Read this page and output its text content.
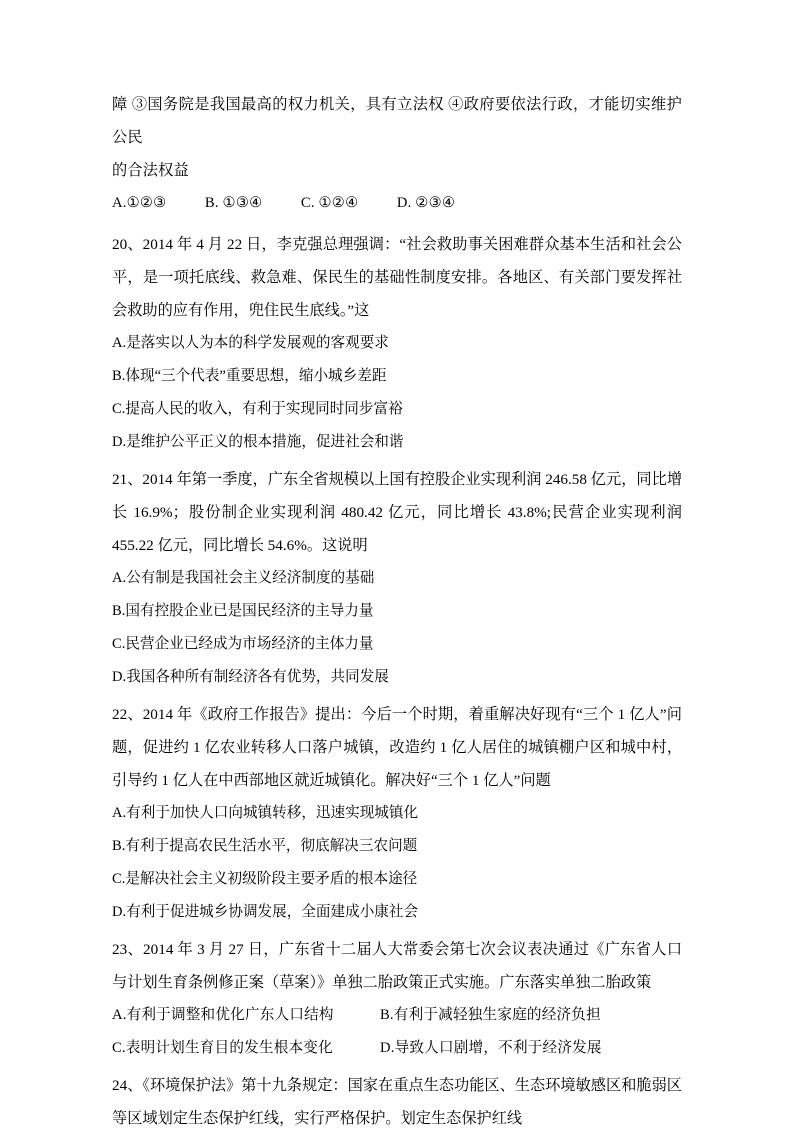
障 ③国务院是我国最高的权力机关，具有立法权 ④政府要依法行政，才能切实维护公民

的合法权益

A.①②③          B. ①③④          C. ①②④          D. ②③④

20、2014 年 4 月 22 日，李克强总理强调：“社会救助事关困难群众基本生活和社会公平，是一项托底线、救急难、保民生的基础性制度安排。各地区、有关部门要发挥社会救助的应有作用，兜住民生底线。”这

A.是落实以人为本的科学发展观的客观要求

B.体现“三个代表”重要思想，缩小城乡差距

C.提高人民的收入，有利于实现同时同步富裕

D.是维护公平正义的根本措施，促进社会和谐

21、2014 年第一季度，广东全省规模以上国有控股企业实现利润 246.58 亿元，同比增长 16.9%；股份制企业实现利润 480.42 亿元，同比增长 43.8%;民营企业实现利润 455.22 亿元，同比增长 54.6%。这说明

A.公有制是我国社会主义经济制度的基础

B.国有控股企业已是国民经济的主导力量

C.民营企业已经成为市场经济的主体力量

D.我国各种所有制经济各有优势，共同发展

22、2014 年《政府工作报告》提出：今后一个时期，着重解决好现有“三个 1 亿人”问题，促进约 1 亿农业转移人口落户城镇，改造约 1 亿人居住的城镇棚户区和城中村，引导约 1 亿人在中西部地区就近城镇化。解决好“三个 1 亿人”问题

A.有利于加快人口向城镇转移，迅速实现城镇化

B.有利于提高农民生活水平，彻底解决三农问题

C.是解决社会主义初级阶段主要矛盾的根本途径

D.有利于促进城乡协调发展，全面建成小康社会

23、2014 年 3 月 27 日，广东省十二届人大常委会第七次会议表决通过《广东省人口与计划生育条例修正案（草案）》单独二胎政策正式实施。广东落实单独二胎政策

A.有利于调整和优化广东人口结构	B.有利于减轻独生家庭的经济负担
C.表明计划生育目的发生根本变化	D.导致人口剧增，不利于经济发展

24、《环境保护法》第十九条规定：国家在重点生态功能区、生态环境敏感区和脆弱区等区域划定生态保护红线，实行严格保护。划定生态保护红线
